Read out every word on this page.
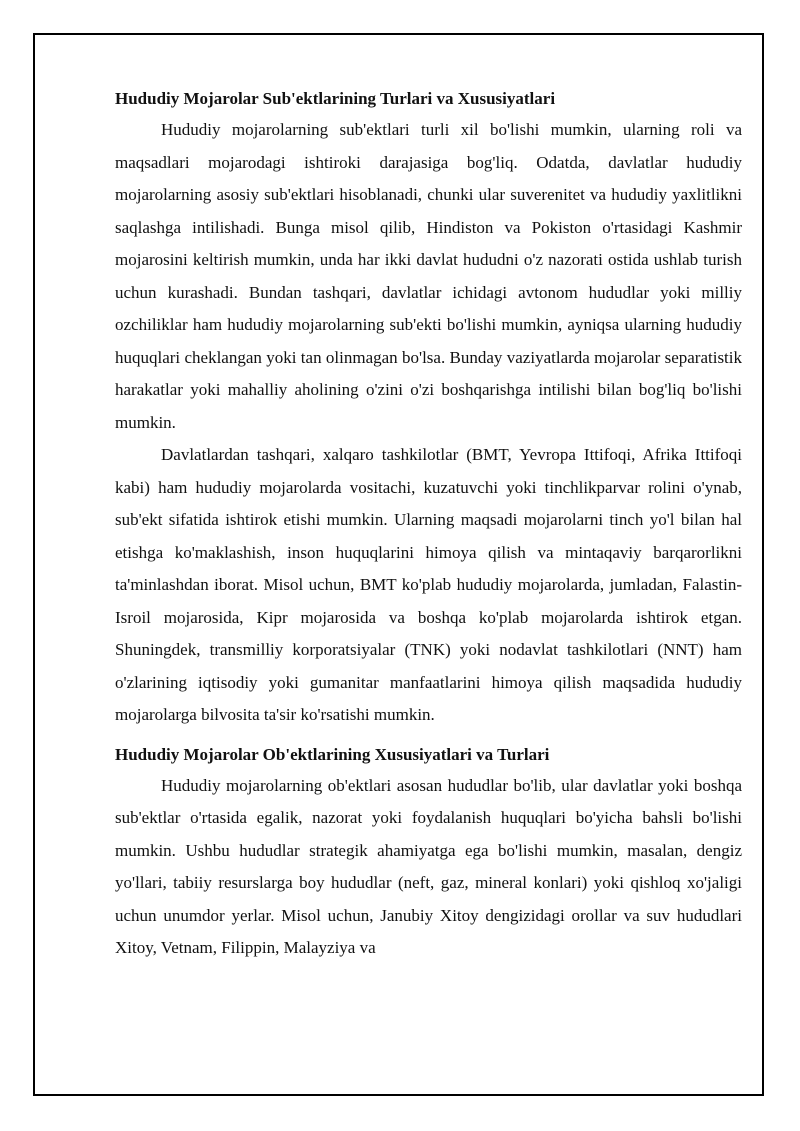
Hududiy Mojarolar Sub'ektlarining Turlari va Xususiyatlari

Hududiy mojarolarning sub'ektlari turli xil bo'lishi mumkin, ularning roli va maqsadlari mojarodagi ishtiroki darajasiga bog'liq. Odatda, davlatlar hududiy mojarolarning asosiy sub'ektlari hisoblanadi, chunki ular suverenitet va hududiy yaxlitlikni saqlashga intilishadi. Bunga misol qilib, Hindiston va Pokiston o'rtasidagi Kashmir mojarosini keltirish mumkin, unda har ikki davlat hududni o'z nazorati ostida ushlab turish uchun kurashadi. Bundan tashqari, davlatlar ichidagi avtonom hududlar yoki milliy ozchiliklar ham hududiy mojarolarning sub'ekti bo'lishi mumkin, ayniqsa ularning hududiy huquqlari cheklangan yoki tan olinmagan bo'lsa. Bunday vaziyatlarda mojarolar separatistik harakatlar yoki mahalliy aholining o'zini o'zi boshqarishga intilishi bilan bog'liq bo'lishi mumkin.

Davlatlardan tashqari, xalqaro tashkilotlar (BMT, Yevropa Ittifoqi, Afrika Ittifoqi kabi) ham hududiy mojarolarda vositachi, kuzatuvchi yoki tinchlikparvar rolini o'ynab, sub'ekt sifatida ishtirok etishi mumkin. Ularning maqsadi mojarolarni tinch yo'l bilan hal etishga ko'maklashish, inson huquqlarini himoya qilish va mintaqaviy barqarorlikni ta'minlashdan iborat. Misol uchun, BMT ko'plab hududiy mojarolarda, jumladan, Falastin-Isroil mojarosida, Kipr mojarosida va boshqa ko'plab mojarolarda ishtirok etgan. Shuningdek, transmilliy korporatsiyalar (TNK) yoki nodavlat tashkilotlari (NNT) ham o'zlarining iqtisodiy yoki gumanitar manfaatlarini himoya qilish maqsadida hududiy mojarolarga bilvosita ta'sir ko'rsatishi mumkin.

Hududiy Mojarolar Ob'ektlarining Xususiyatlari va Turlari

Hududiy mojarolarning ob'ektlari asosan hududlar bo'lib, ular davlatlar yoki boshqa sub'ektlar o'rtasida egalik, nazorat yoki foydalanish huquqlari bo'yicha bahsli bo'lishi mumkin. Ushbu hududlar strategik ahamiyatga ega bo'lishi mumkin, masalan, dengiz yo'llari, tabiiy resurslarga boy hududlar (neft, gaz, mineral konlari) yoki qishloq xo'jaligi uchun unumdor yerlar. Misol uchun, Janubiy Xitoy dengizidagi orollar va suv hududlari Xitoy, Vetnam, Filippin, Malayziya va
